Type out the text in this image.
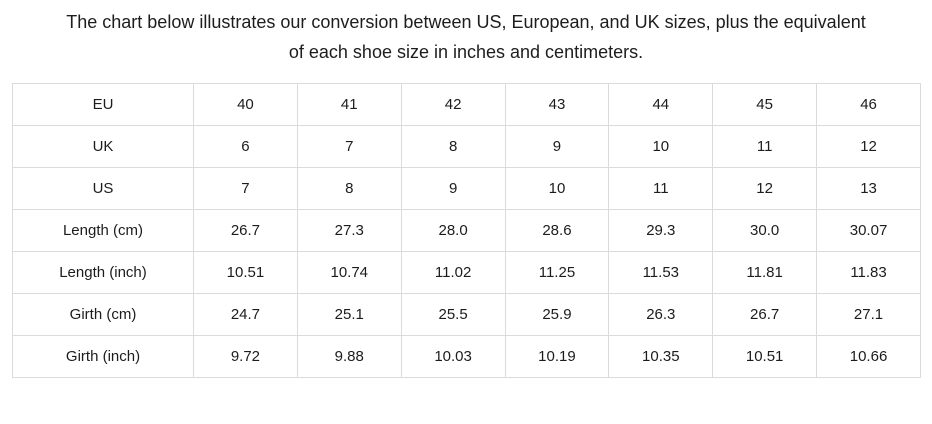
The chart below illustrates our conversion between US, European, and UK sizes, plus the equivalent
of each shoe size in inches and centimeters.
EU	40	41	42	43	44	45	46
UK	6	7	8	9	10	11	12
US	7	8	9	10	11	12	13
Length (cm)	26.7	27.3	28.0	28.6	29.3	30.0	30.07
Length (inch)	10.51	10.74	11.02	11.25	11.53	11.81	11.83
Girth (cm)	24.7	25.1	25.5	25.9	26.3	26.7	27.1
Girth (inch)	9.72	9.88	10.03	10.19	10.35	10.51	10.66
